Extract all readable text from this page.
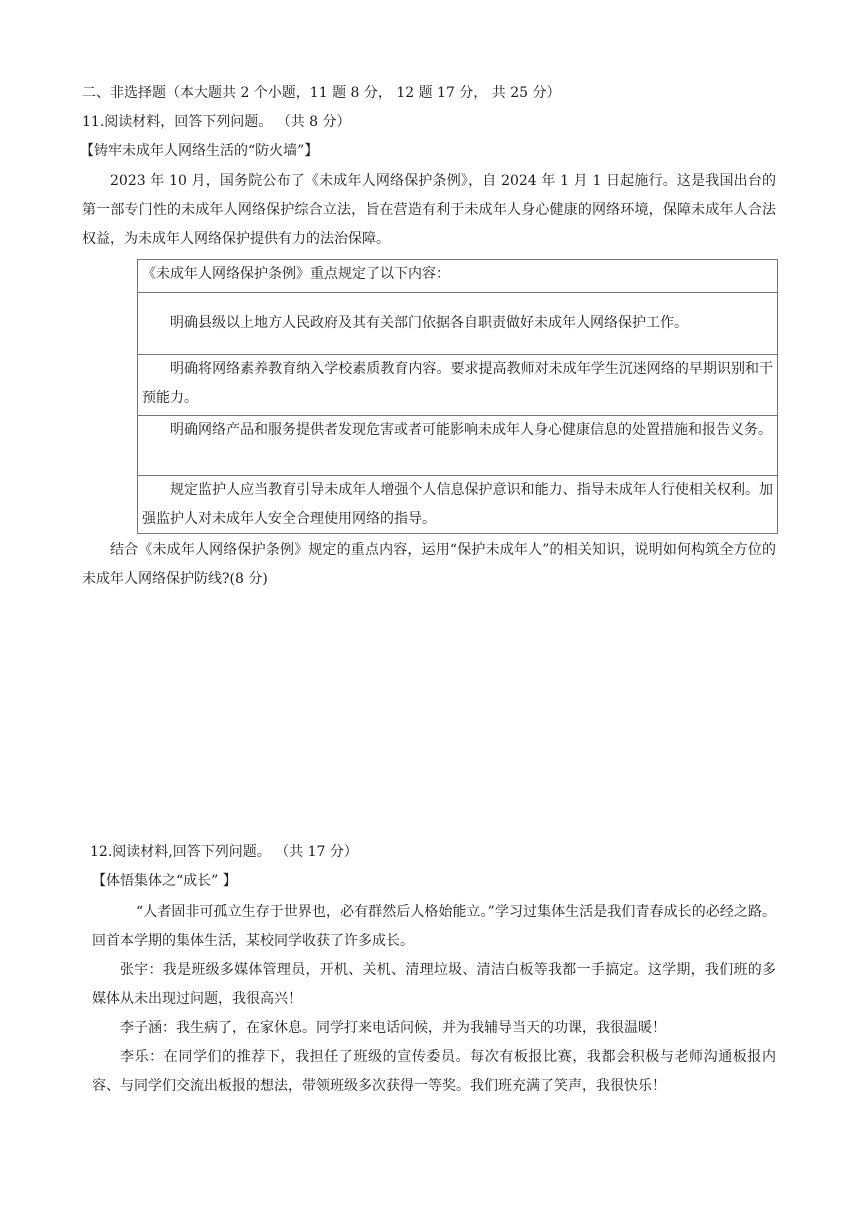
二、非选择题（本大题共 2 个小题，11 题 8 分， 12 题 17 分， 共 25 分）
11.阅读材料，回答下列问题。 （共 8 分）
【铸牢未成年人网络生活的“防火墙”】
2023 年 10 月，国务院公布了《未成年人网络保护条例》，自 2024 年 1 月 1 日起施行。这是我国出台的第一部专门性的未成年人网络保护综合立法，旨在营造有利于未成年人身心健康的网络环境，保障未成年人合法权益，为未成年人网络保护提供有力的法治保障。
《未成年人网络保护条例》重点规定了以下内容：
明确县级以上地方人民政府及其有关部门依据各自职责做好未成年人网络保护工作。
明确将网络素养教育纳入学校素质教育内容。要求提高教师对未成年学生沉迷网络的早期识别和干预能力。
明确网络产品和服务提供者发现危害或者可能影响未成年人身心健康信息的处置措施和报告义务。
规定监护人应当教育引导未成年人增强个人信息保护意识和能力、指导未成年人行使相关权利。加强监护人对未成年人安全合理使用网络的指导。
结合《未成年人网络保护条例》规定的重点内容，运用“保护未成年人”的相关知识，说明如何构筑全方位的未成年人网络保护防线?(8 分)
12.阅读材料,回答下列问题。 （共 17 分）
【体悟集体之“成长” 】
“人者固非可孤立生存于世界也，必有群然后人格始能立。”学习过集体生活是我们青春成长的必经之路。回首本学期的集体生活，某校同学收获了许多成长。
张宇：我是班级多媒体管理员，开机、关机、清理垃圾、清洁白板等我都一手搞定。这学期，我们班的多媒体从未出现过问题，我很高兴！
李子涵：我生病了，在家休息。同学打来电话问候，并为我辅导当天的功课，我很温暖！
李乐：在同学们的推荐下，我担任了班级的宣传委员。每次有板报比赛，我都会积极与老师沟通板报内容、与同学们交流出板报的想法，带领班级多次获得一等奖。我们班充满了笑声，我很快乐！
